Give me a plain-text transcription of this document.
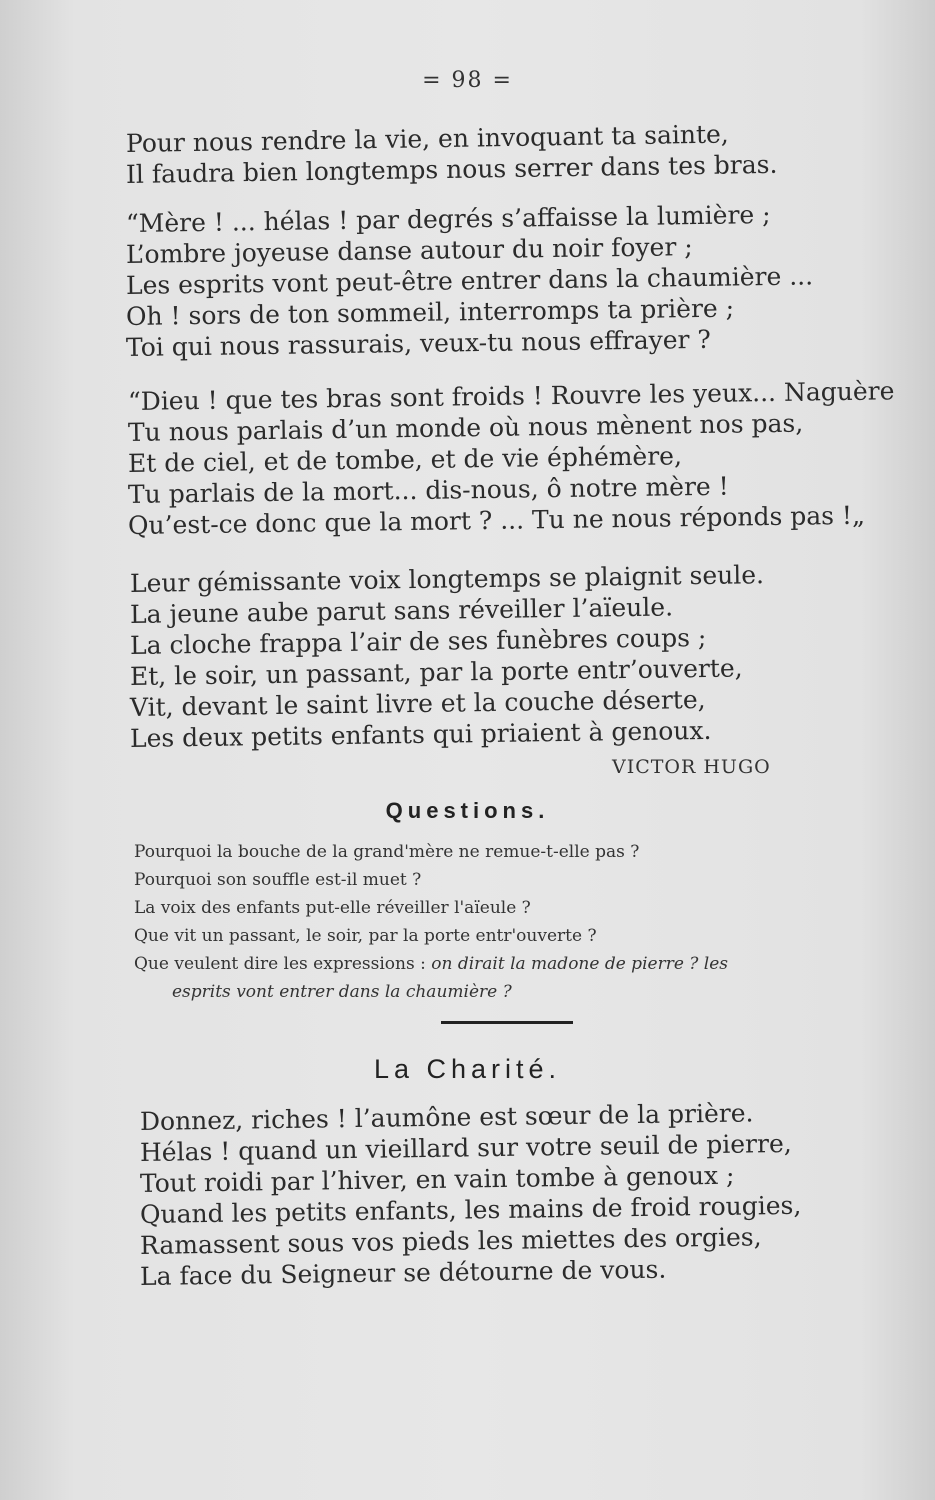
= 98 =
Pour nous rendre la vie, en invoquant ta sainte,
Il faudra bien longtemps nous serrer dans tes bras.
“Mère ! ... hélas ! par degrés s’affaisse la lumière ;
L’ombre joyeuse danse autour du noir foyer ;
Les esprits vont peut-être entrer dans la chaumière ...
Oh ! sors de ton sommeil, interromps ta prière ;
Toi qui nous rassurais, veux-tu nous effrayer ?
“Dieu ! que tes bras sont froids ! Rouvre les yeux... Naguère
Tu nous parlais d’un monde où nous mènent nos pas,
Et de ciel, et de tombe, et de vie éphémère,
Tu parlais de la mort... dis-nous, ô notre mère !
Qu’est-ce donc que la mort ? ... Tu ne nous réponds pas !„
Leur gémissante voix longtemps se plaignit seule.
La jeune aube parut sans réveiller l’aïeule.
La cloche frappa l’air de ses funèbres coups ;
Et, le soir, un passant, par la porte entr’ouverte,
Vit, devant le saint livre et la couche déserte,
Les deux petits enfants qui priaient à genoux.
VICTOR HUGO
Questions.
Pourquoi la bouche de la grand'mère ne remue-t-elle pas ?
Pourquoi son souffle est-il muet ?
La voix des enfants put-elle réveiller l'aïeule ?
Que vit un passant, le soir, par la porte entr'ouverte ?
Que veulent dire les expressions : on dirait la madone de pierre ? les
esprits vont entrer dans la chaumière ?
La Charité.
Donnez, riches ! l’aumône est sœur de la prière.
Hélas ! quand un vieillard sur votre seuil de pierre,
Tout roidi par l’hiver, en vain tombe à genoux ;
Quand les petits enfants, les mains de froid rougies,
Ramassent sous vos pieds les miettes des orgies,
La face du Seigneur se détourne de vous.
